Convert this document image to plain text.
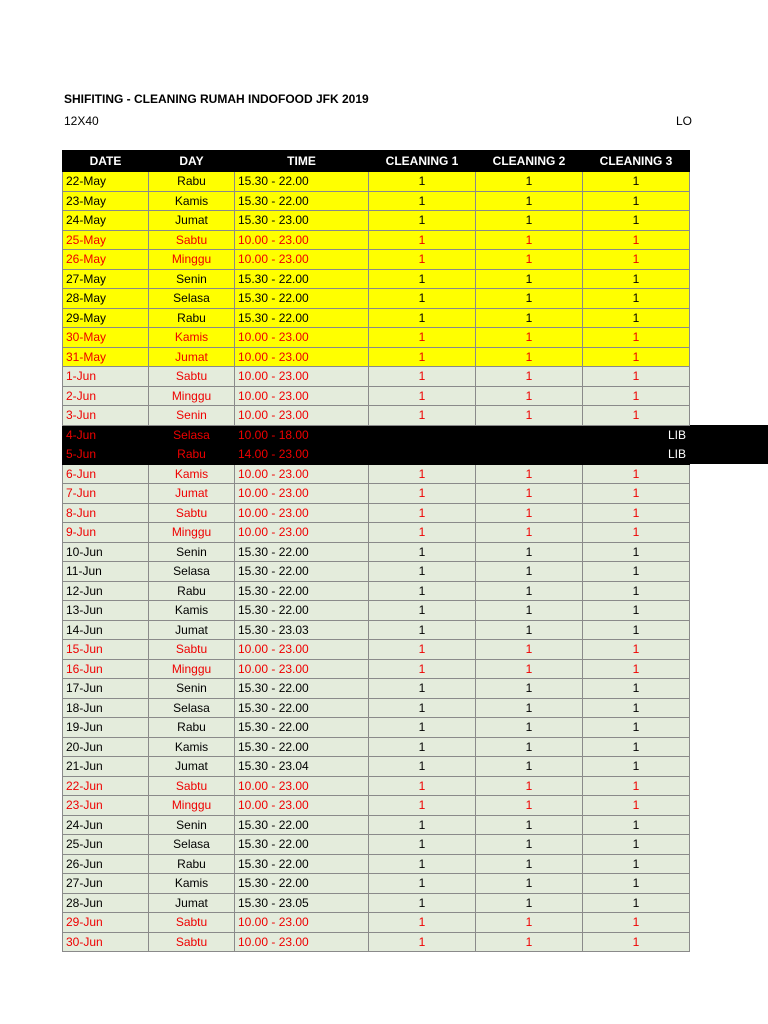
SHIFITING - CLEANING RUMAH INDOFOOD JFK 2019
12X40	LO
DATE	DAY	TIME	CLEANING 1	CLEANING 2	CLEANING 3
22-May	Rabu	15.30 - 22.00	1	1	1
23-May	Kamis	15.30 - 22.00	1	1	1
24-May	Jumat	15.30 - 23.00	1	1	1
25-May	Sabtu	10.00 - 23.00	1	1	1
26-May	Minggu	10.00 - 23.00	1	1	1
27-May	Senin	15.30 - 22.00	1	1	1
28-May	Selasa	15.30 - 22.00	1	1	1
29-May	Rabu	15.30 - 22.00	1	1	1
30-May	Kamis	10.00 - 23.00	1	1	1
31-May	Jumat	10.00 - 23.00	1	1	1
1-Jun	Sabtu	10.00 - 23.00	1	1	1
2-Jun	Minggu	10.00 - 23.00	1	1	1
3-Jun	Senin	10.00 - 23.00	1	1	1
4-Jun	Selasa	10.00 - 18.00			LIB
5-Jun	Rabu	14.00 - 23.00			LIB
6-Jun	Kamis	10.00 - 23.00	1	1	1
7-Jun	Jumat	10.00 - 23.00	1	1	1
8-Jun	Sabtu	10.00 - 23.00	1	1	1
9-Jun	Minggu	10.00 - 23.00	1	1	1
10-Jun	Senin	15.30 - 22.00	1	1	1
11-Jun	Selasa	15.30 - 22.00	1	1	1
12-Jun	Rabu	15.30 - 22.00	1	1	1
13-Jun	Kamis	15.30 - 22.00	1	1	1
14-Jun	Jumat	15.30 - 23.03	1	1	1
15-Jun	Sabtu	10.00 - 23.00	1	1	1
16-Jun	Minggu	10.00 - 23.00	1	1	1
17-Jun	Senin	15.30 - 22.00	1	1	1
18-Jun	Selasa	15.30 - 22.00	1	1	1
19-Jun	Rabu	15.30 - 22.00	1	1	1
20-Jun	Kamis	15.30 - 22.00	1	1	1
21-Jun	Jumat	15.30 - 23.04	1	1	1
22-Jun	Sabtu	10.00 - 23.00	1	1	1
23-Jun	Minggu	10.00 - 23.00	1	1	1
24-Jun	Senin	15.30 - 22.00	1	1	1
25-Jun	Selasa	15.30 - 22.00	1	1	1
26-Jun	Rabu	15.30 - 22.00	1	1	1
27-Jun	Kamis	15.30 - 22.00	1	1	1
28-Jun	Jumat	15.30 - 23.05	1	1	1
29-Jun	Sabtu	10.00 - 23.00	1	1	1
30-Jun	Sabtu	10.00 - 23.00	1	1	1
